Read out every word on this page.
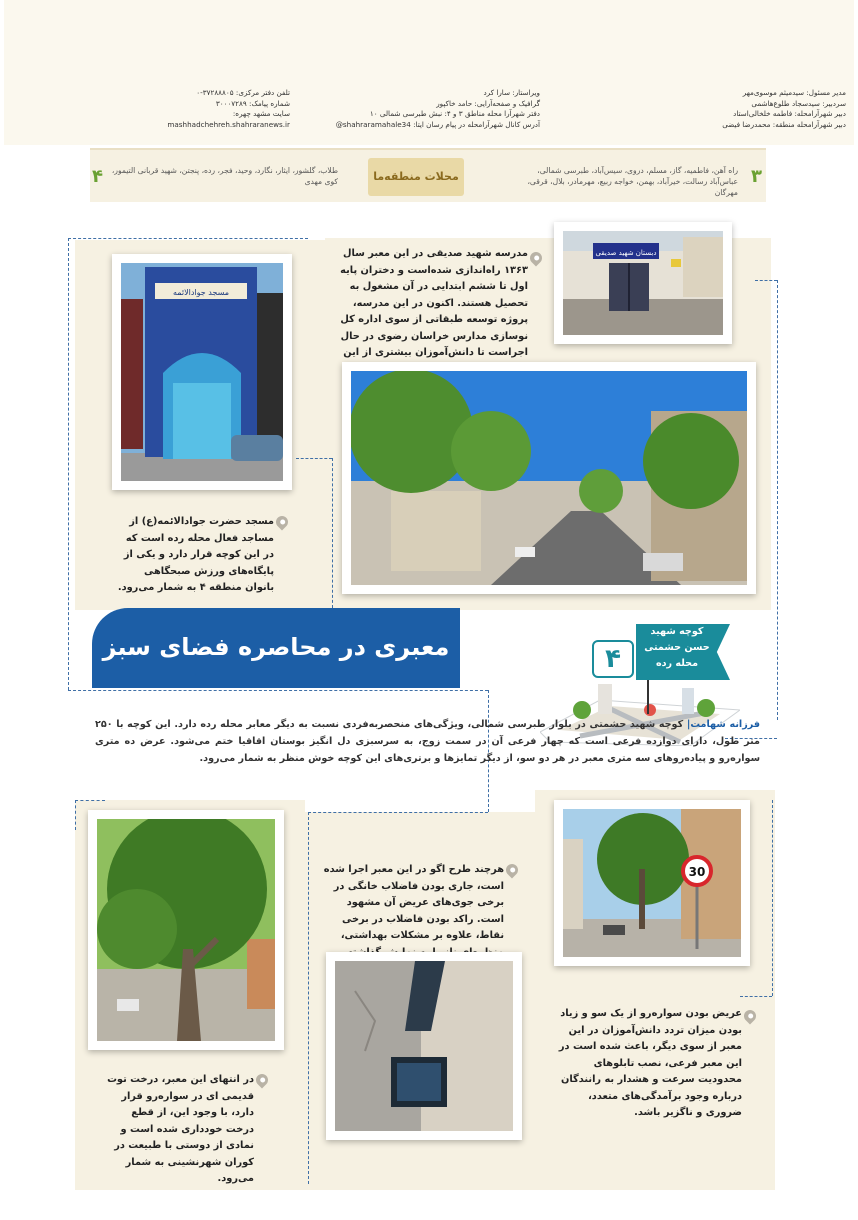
مدیر مسئول: سیدمیثم موسوی‌مهر
سردبیر: سیدسجاد طلوع‌هاشمی
دبیر شهرآرامحله: فاطمه خلخالی‌استاد
دبیر شهرآرامحله منطقه: محمدرضا فیضی
ویراستار: سارا کرد
گرافیک و صفحه‌آرایی: حامد خاکپور
دفتر شهرآرا محله مناطق ۳ و ۴: نبش طبرسی شمالی ۱۰
آدرس کانال شهرآرامحله در پیام رسان ایتا: shahraramahale34@
تلفن دفتر مرکزی: ۳۷۲۸۸۸۰۵-۰
شماره پیامک: ۳۰۰۰۷۲۸۹
سایت مشهد چهره:
mashhadchehreh.shahraranews.ir
۳
۴	راه آهن، فاطمیه، گاز، مسلم، دروی، سیس‌آباد، طبرسی شمالی، عباس‌آباد رسالت، خیرآباد، بهمن، خواجه ربیع، مهرمادر، بلال، قرقی، مهرگان
طلاب، گلشور، ایثار، نگارد، وحید، فجر، رده، پنجتن، شهید قربانی التیمور، کوی مهدی	محلات منطقه‌ما
دبستان شهید صدیقی
مدرسه شهید صدیقی در این معبر سال ۱۳۶۳ راه‌اندازی شده‌است و دختران پایه اول تا ششم ابتدایی در آن مشغول به تحصیل هستند. اکنون در این مدرسه، پروژه توسعه طبقاتی از سوی اداره کل نوسازی مدارس خراسان رضوی در حال اجراست تا دانش‌آموزان بیشتری از این
مسجد جوادالائمه
مسجد حضرت جوادالائمه(ع) از مساجد فعال محله رده است که در این کوچه قرار دارد و یکی از پایگاه‌های ورزش صبحگاهی بانوان منطقه ۴ به شمار می‌رود.
معبری در محاصره فضای سبز
کوچه شهید
حسن حشمتی
محله رده
۴
فرزانه شهامت| کوچه شهید حشمتی در بلوار طبرسی شمالی، ویژگی‌های منحصربه‌فردی نسبت به دیگر معابر محله رده دارد. این کوچه با ۲۵۰ متر طول، دارای دوازده فرعی است که چهار فرعی آن در سمت زوج، به سرسبزی دل انگیز بوستان اقاقیا ختم می‌شود. عرض ده متری سواره‌رو و پیاده‌روهای سه متری معبر در هر دو سو، از دیگر تمایزها و برتری‌های این کوچه خوش منظر به شمار می‌رود.
در انتهای این معبر، درخت توت قدیمی ای در سواره‌رو قرار دارد، با وجود این، از قطع درخت خودداری شده است و نمادی از دوستی با طبیعت در کوران شهرنشینی به شمار می‌رود.
هرچند طرح اگو در این معبر اجرا شده است، جاری بودن فاضلاب خانگی در برخی جوی‌های عریض آن مشهود است. راکد بودن فاضلاب در برخی نقاط، علاوه بر مشکلات بهداشتی،
30
عریض بودن سواره‌رو از یک سو و زیاد بودن میزان تردد دانش‌آموزان در این معبر از سوی دیگر، باعث شده است در این معبر فرعی، نصب تابلوهای محدودیت سرعت و هشدار به رانندگان درباره وجود برآمدگی‌های متعدد، ضروری و ناگزیر باشد.
